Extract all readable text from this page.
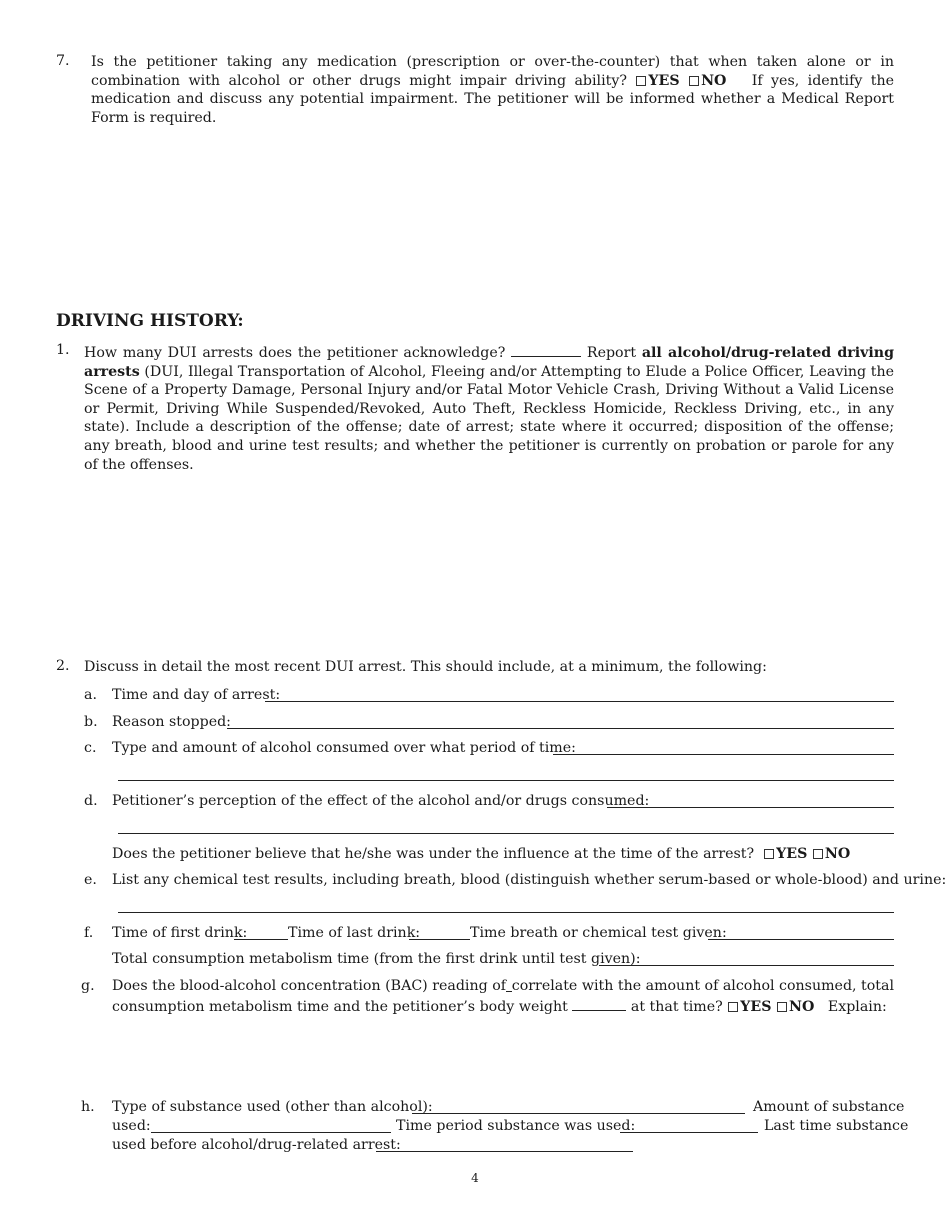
7. Is the petitioner taking any medication (prescription or over-the-counter) that when taken alone or in combination with alcohol or other drugs might impair driving ability? YES NO If yes, identify the medication and discuss any potential impairment. The petitioner will be informed whether a Medical Report Form is required.
DRIVING HISTORY:
1. How many DUI arrests does the petitioner acknowledge?	Report all alcohol/drug-related driving arrests (DUI, Illegal Transportation of Alcohol, Fleeing and/or Attempting to Elude a Police Officer, Leaving the Scene of a Property Damage, Personal Injury and/or Fatal Motor Vehicle Crash, Driving Without a Valid License or Permit, Driving While Suspended/Revoked, Auto Theft, Reckless Homicide, Reckless Driving, etc., in any state). Include a description of the offense; date of arrest; state where it occurred; disposition of the offense; any breath, blood and urine test results; and whether the petitioner is currently on probation or parole for any of the offenses.
2. Discuss in detail the most recent DUI arrest. This should include, at a minimum, the following:
a. Time and day of arrest:
b. Reason stopped:
c. Type and amount of alcohol consumed over what period of time:
d. Petitioner’s perception of the effect of the alcohol and/or drugs consumed:
Does the petitioner believe that he/she was under the influence at the time of the arrest? YES NO
e. List any chemical test results, including breath, blood (distinguish whether serum-based or whole-blood) and urine:
f. Time of first drink:	Time of last drink:	Time breath or chemical test given:
Total consumption metabolism time (from the first drink until test given):
g. Does the blood-alcohol concentration (BAC) reading of correlate with the amount of alcohol consumed, total
consumption metabolism time and the petitioner’s body weight	at that time? YES NO Explain:
h. Type of substance used (other than alcohol):	Amount of substance
used:	Time period substance was used:	Last time substance
used before alcohol/drug-related arrest:
4
